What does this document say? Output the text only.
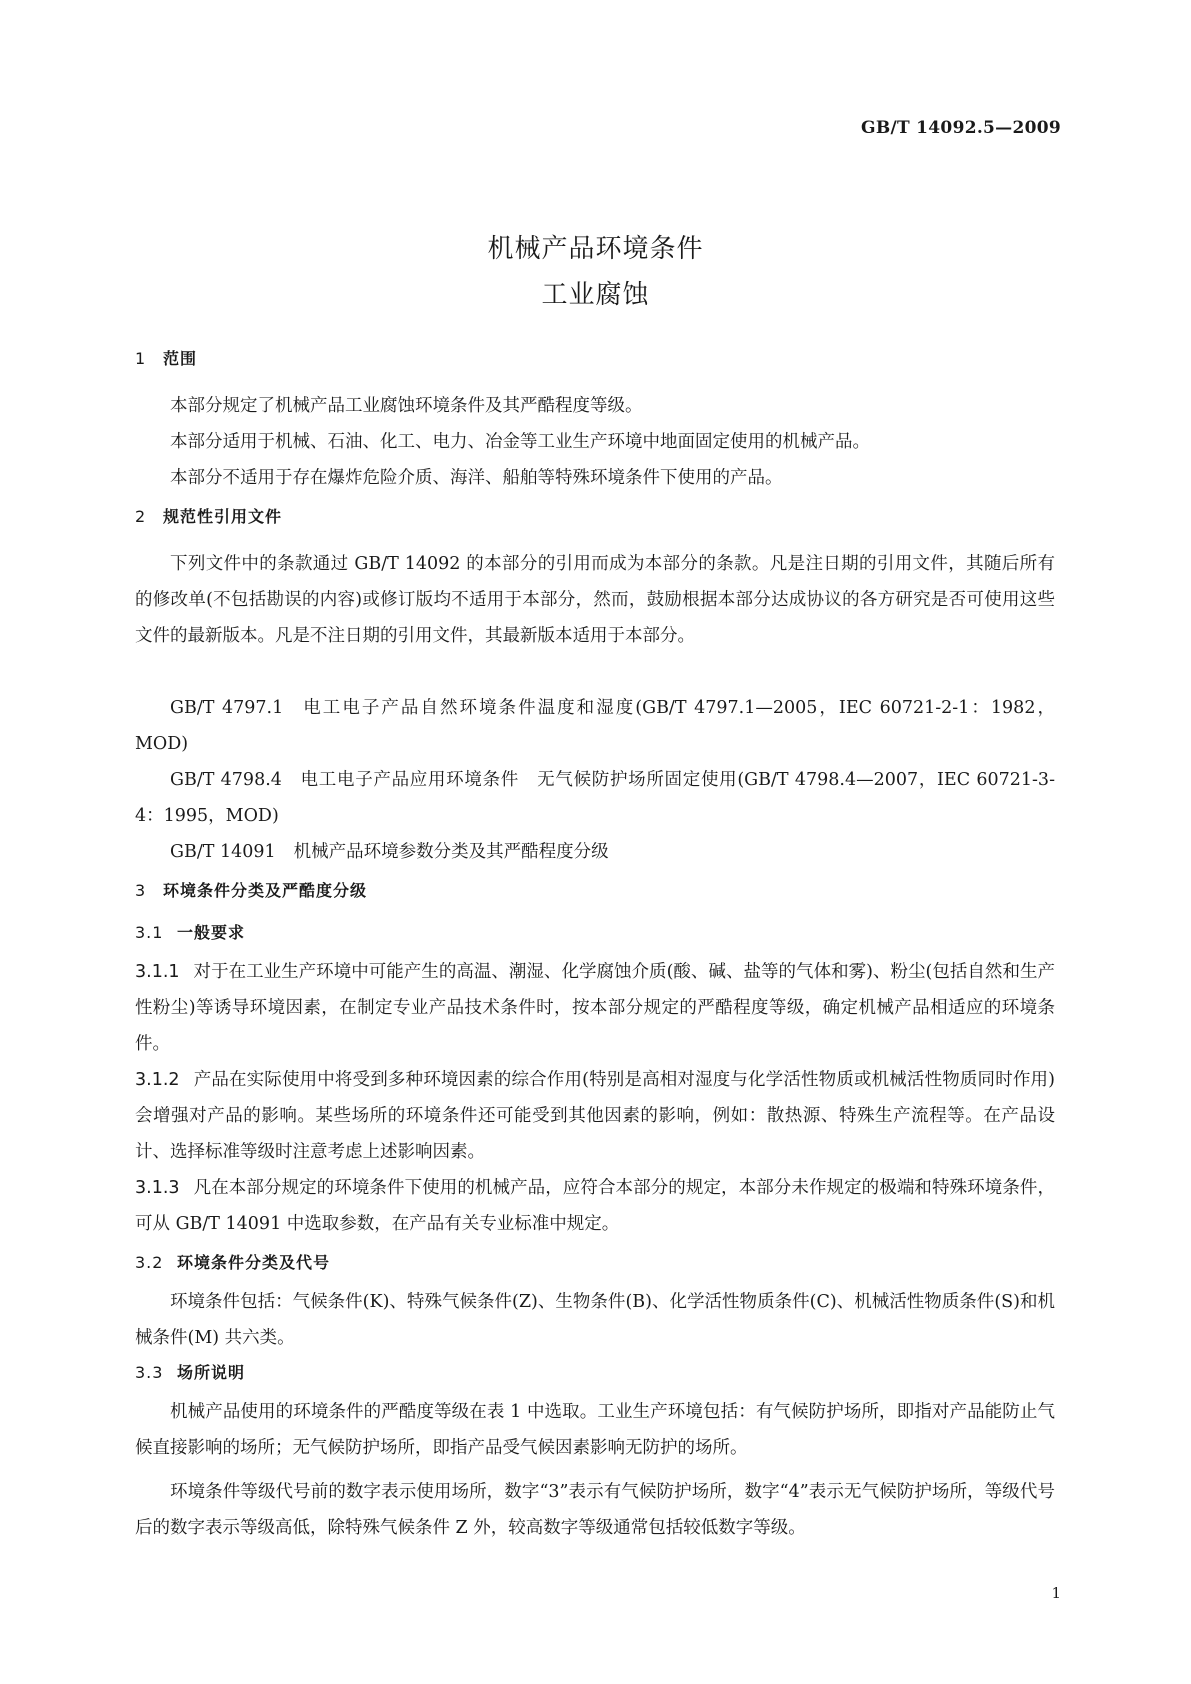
GB/T 14092.5—2009
机械产品环境条件
工业腐蚀
1 范围
本部分规定了机械产品工业腐蚀环境条件及其严酷程度等级。
本部分适用于机械、石油、化工、电力、冶金等工业生产环境中地面固定使用的机械产品。
本部分不适用于存在爆炸危险介质、海洋、船舶等特殊环境条件下使用的产品。
2 规范性引用文件
下列文件中的条款通过 GB/T 14092 的本部分的引用而成为本部分的条款。凡是注日期的引用文件，其随后所有的修改单(不包括勘误的内容)或修订版均不适用于本部分，然而，鼓励根据本部分达成协议的各方研究是否可使用这些文件的最新版本。凡是不注日期的引用文件，其最新版本适用于本部分。
GB/T 4797.1 电工电子产品自然环境条件温度和湿度(GB/T 4797.1—2005，IEC 60721-2-1：1982，MOD)
GB/T 4798.4 电工电子产品应用环境条件　无气候防护场所固定使用(GB/T 4798.4—2007，IEC 60721-3-4：1995，MOD)
GB/T 14091 机械产品环境参数分类及其严酷程度分级
3 环境条件分类及严酷度分级
3.1 一般要求
3.1.1 对于在工业生产环境中可能产生的高温、潮湿、化学腐蚀介质(酸、碱、盐等的气体和雾)、粉尘(包括自然和生产性粉尘)等诱导环境因素，在制定专业产品技术条件时，按本部分规定的严酷程度等级，确定机械产品相适应的环境条件。
3.1.2 产品在实际使用中将受到多种环境因素的综合作用(特别是高相对湿度与化学活性物质或机械活性物质同时作用)会增强对产品的影响。某些场所的环境条件还可能受到其他因素的影响，例如：散热源、特殊生产流程等。在产品设计、选择标准等级时注意考虑上述影响因素。
3.1.3 凡在本部分规定的环境条件下使用的机械产品，应符合本部分的规定，本部分未作规定的极端和特殊环境条件，可从 GB/T 14091 中选取参数，在产品有关专业标准中规定。
3.2 环境条件分类及代号
环境条件包括：气候条件(K)、特殊气候条件(Z)、生物条件(B)、化学活性物质条件(C)、机械活性物质条件(S)和机械条件(M) 共六类。
3.3 场所说明
机械产品使用的环境条件的严酷度等级在表 1 中选取。工业生产环境包括：有气候防护场所，即指对产品能防止气候直接影响的场所；无气候防护场所，即指产品受气候因素影响无防护的场所。
环境条件等级代号前的数字表示使用场所，数字“3”表示有气候防护场所，数字“4”表示无气候防护场所，等级代号后的数字表示等级高低，除特殊气候条件 Z 外，较高数字等级通常包括较低数字等级。
1
